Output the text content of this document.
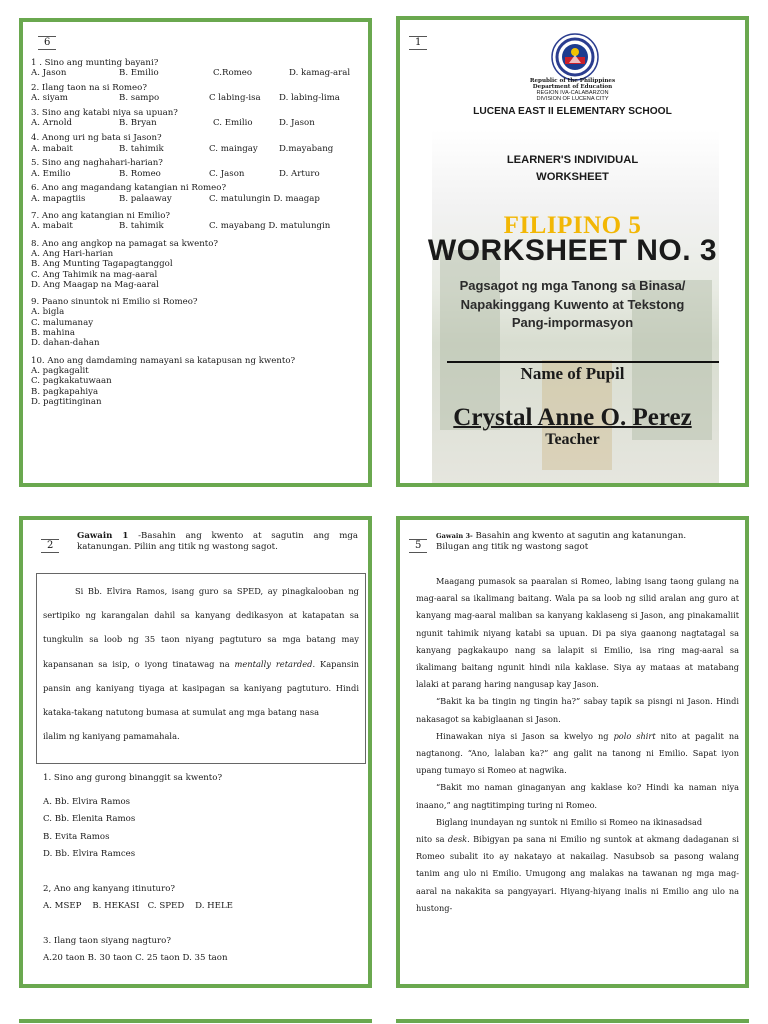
6
1 . Sino ang munting bayani?
A. Jason	B. Emilio	C.Romeo	D. kamag-aral
2. Ilang taon na si Romeo?
A. siyam	B. sampo	C labing-isa	D. labing-lima
3. Sino ang katabi niya sa upuan?
A. Arnold	B. Bryan	C. Emilio	D. Jason
4. Anong uri ng bata si Jason?
A. mabait	B. tahimik	C. maingay	D.mayabang
5. Sino ang naghahari-harian?
A. Emilio	B. Romeo	C. Jason	D. Arturo
6. Ano ang magandang katangian ni Romeo?
A. mapagtiis	B. palaaway	C. matulungin D. maagap
7. Ano ang katangian ni Emilio?
A. mabait	B. tahimik	C. mayabang D. matulungin
8. Ano ang angkop na pamagat sa kwento?
A. Ang Hari-harian
B. Ang Munting Tagapagtanggol
C. Ang Tahimik na mag-aaral
D. Ang Maagap na Mag-aaral
9. Paano sinuntok ni Emilio si Romeo?
A. bigla
C. malumanay
B. mahina
D. dahan-dahan
10. Ano ang damdaming namayani sa katapusan ng kwento?
A. pagkagalit
C. pagkakatuwaan
B. pagkapahiya
D. pagtitinginan
1
Republic of the Philippines
Department of Education
REGION IVA-CALABARZON
DIVISION OF LUCENA CITY
LUCENA EAST II ELEMENTARY SCHOOL
LEARNER'S INDIVIDUAL
WORKSHEET
FILIPINO 5
WORKSHEET NO. 3
Pagsagot ng mga Tanong sa Binasa/
Napakinggang Kuwento at Tekstong
Pang-impormasyon
Name of Pupil
Crystal Anne O. Perez
Teacher
2
Gawain 1 -Basahin ang kwento at sagutin ang mga katanungan. Piliin ang titik ng wastong sagot.

Si Bb. Elvira Ramos, isang guro sa SPED, ay pinagkalooban ng sertipiko ng karangalan dahil sa kanyang dedikasyon at katapatan sa tungkulin sa loob ng 35 taon niyang pagtuturo sa mga batang may kapansanan sa isip, o iyong tinatawag na mentally retarded. Kapansin pansin ang kaniyang tiyaga at kasipagan sa kaniyang pagtuturo. Hindi kataka-takang natutong bumasa at sumulat ang mga batang nasa

ilalim ng kaniyang pamamahala.
1. Sino ang gurong binanggit sa kwento?
A. Bb. Elvira Ramos
C. Bb. Elenita Ramos
B. Evita Ramos
D. Bb. Elvira Ramces
2, Ano ang kanyang itinuturo?
A. MSEP    B. HEKASI   C. SPED    D. HELE
3. Ilang taon siyang nagturo?
A.20 taon B. 30 taon C. 25 taon D. 35 taon
5
Gawain 3- Basahin ang kwento at sagutin ang katanungan.
Bilugan ang titik ng wastong sagot

Maagang pumasok sa paaralan si Romeo, labing isang taong gulang na mag-aaral sa ikalimang baitang. Wala pa sa loob ng silid aralan ang guro at kanyang mag-aaral maliban sa kanyang kaklaseng si Jason, ang pinakamaliit ngunit tahimik niyang katabi sa upuan. Di pa siya gaanong nagtatagal sa kanyang pagkakaupo nang sa lalapit si Emilio, isa ring mag-aaral sa ikalimang baitang ngunit hindi nila kaklase. Siya ay mataas at matabang lalaki at parang haring nangusap kay Jason.

“Bakit ka ba tingin ng tingin ha?” sabay tapik sa pisngi ni Jason. Hindi nakasagot sa kabiglaanan si Jason.

Hinawakan niya si Jason sa kwelyo ng polo shirt nito at pagalit na nagtanong. “Ano, lalaban ka?” ang galit na tanong ni Emilio. Sapat iyon upang tumayo si Romeo at nagwika.

“Bakit mo naman ginaganyan ang kaklase ko? Hindi ka naman niya inaano,” ang nagtitimping turing ni Romeo.

Biglang inundayan ng suntok ni Emilio si Romeo na ikinasadsad

nito sa desk. Bibigyan pa sana ni Emilio ng suntok at akmang dadaganan si Romeo subalit ito ay nakatayo at nakailag. Nasubsob sa pasong walang tanim ang ulo ni Emilio. Umugong ang malakas na tawanan ng mga mag-aaral na nakakita sa pangyayari. Hiyang-hiyang inalis ni Emilio ang ulo na hustong-
